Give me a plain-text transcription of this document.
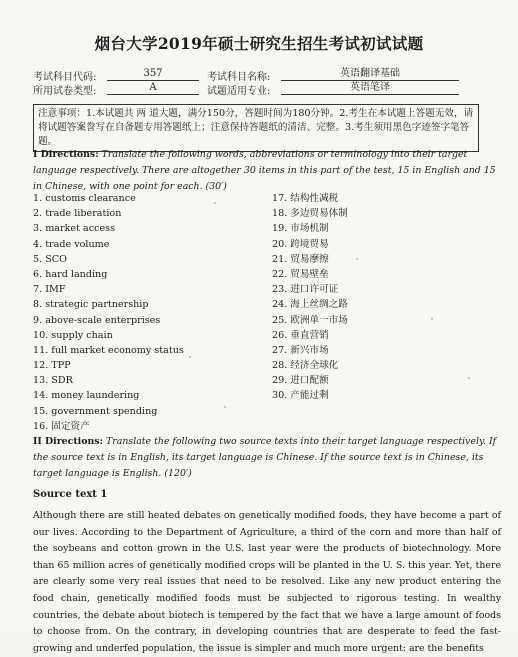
烟台大学2019年硕士研究生招生考试初试试题
考试科目代码:	357	考试科目名称:	英语翻译基础
所用试卷类型:	A	试题适用专业:	英语笔译
注意事项：1.本试题共 两 道大题，满分150分，答题时间为180分钟。2.考生在本试题上答题无效，请将试题答案誊写在自备题专用答题纸上；注意保持答题纸的清洁、完整。3.考生须用黑色字迹签字笔答题。
I Directions: Translate the following words, abbreviations or terminology into their target language respectively. There are altogether 30 items in this part of the test, 15 in English and 15 in Chinese, with one point for each. (30′)
1. customs clearance
2. trade liberation
3. market access
4. trade volume
5. SCO
6. hard landing
7. IMF
8. strategic partnership
9. above-scale enterprises
10. supply chain
11. full market economy status
12. TPP
13. SDR
14. money laundering
15. government spending
16. 固定资产
17. 结构性减税
18. 多边贸易体制
19. 市场机制
20. 跨境贸易
21. 贸易摩擦
22. 贸易壁垒
23. 进口许可证
24. 海上丝绸之路
25. 欧洲单一市场
26. 垂直营销
27. 新兴市场
28. 经济全球化
29. 进口配额
30. 产能过剩
II Directions: Translate the following two source texts into their target language respectively. If the source text is in English, its target language is Chinese. If the source text is in Chinese, its target language is English. (120′)
Source text 1
Although there are still heated debates on genetically modified foods, they have become a part of our lives. According to the Department of Agriculture, a third of the corn and more than half of the soybeans and cotton grown in the U.S. last year were the products of biotechnology. More than 65 million acres of genetically modified crops will be planted in the U. S. this year. Yet, there are clearly some very real issues that need to be resolved. Like any new product entering the food chain, genetically modified foods must be subjected to rigorous testing. In wealthy countries, the debate about biotech is tempered by the fact that we have a large amount of foods to choose from. On the contrary, in developing countries that are desperate to feed the fast-growing and underfed population, the issue is simpler and much more urgent: are the benefits
